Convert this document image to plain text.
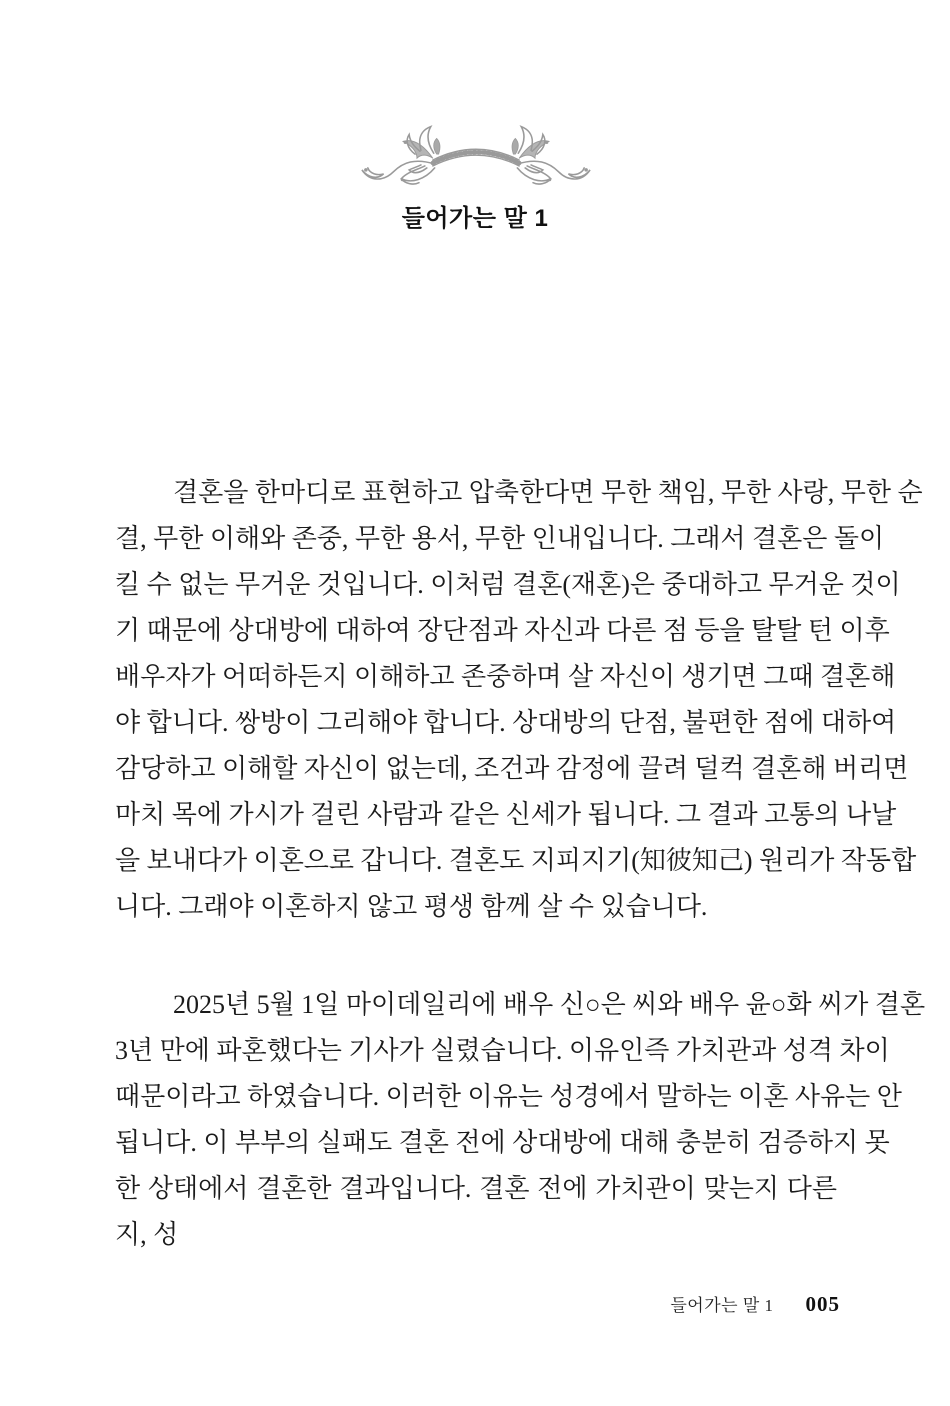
들어가는 말 1
결혼을 한마디로 표현하고 압축한다면 무한 책임, 무한 사랑, 무한 순
결, 무한 이해와 존중, 무한 용서, 무한 인내입니다. 그래서 결혼은 돌이
킬 수 없는 무거운 것입니다. 이처럼 결혼(재혼)은 중대하고 무거운 것이
기 때문에 상대방에 대하여 장단점과 자신과 다른 점 등을 탈탈 턴 이후
배우자가 어떠하든지 이해하고 존중하며 살 자신이 생기면 그때 결혼해
야 합니다. 쌍방이 그리해야 합니다. 상대방의 단점, 불편한 점에 대하여
감당하고 이해할 자신이 없는데, 조건과 감정에 끌려 덜컥 결혼해 버리면
마치 목에 가시가 걸린 사람과 같은 신세가 됩니다. 그 결과 고통의 나날
을 보내다가 이혼으로 갑니다. 결혼도 지피지기(知彼知己) 원리가 작동합
니다. 그래야 이혼하지 않고 평생 함께 살 수 있습니다.
2025년 5월 1일 마이데일리에 배우 신○은 씨와 배우 윤○화 씨가 결혼
3년 만에 파혼했다는 기사가 실렸습니다. 이유인즉 가치관과 성격 차이
때문이라고 하였습니다. 이러한 이유는 성경에서 말하는 이혼 사유는 안
됩니다. 이 부부의 실패도 결혼 전에 상대방에 대해 충분히 검증하지 못
한 상태에서 결혼한 결과입니다. 결혼 전에 가치관이 맞는지 다른지, 성
들어가는 말 1 005
